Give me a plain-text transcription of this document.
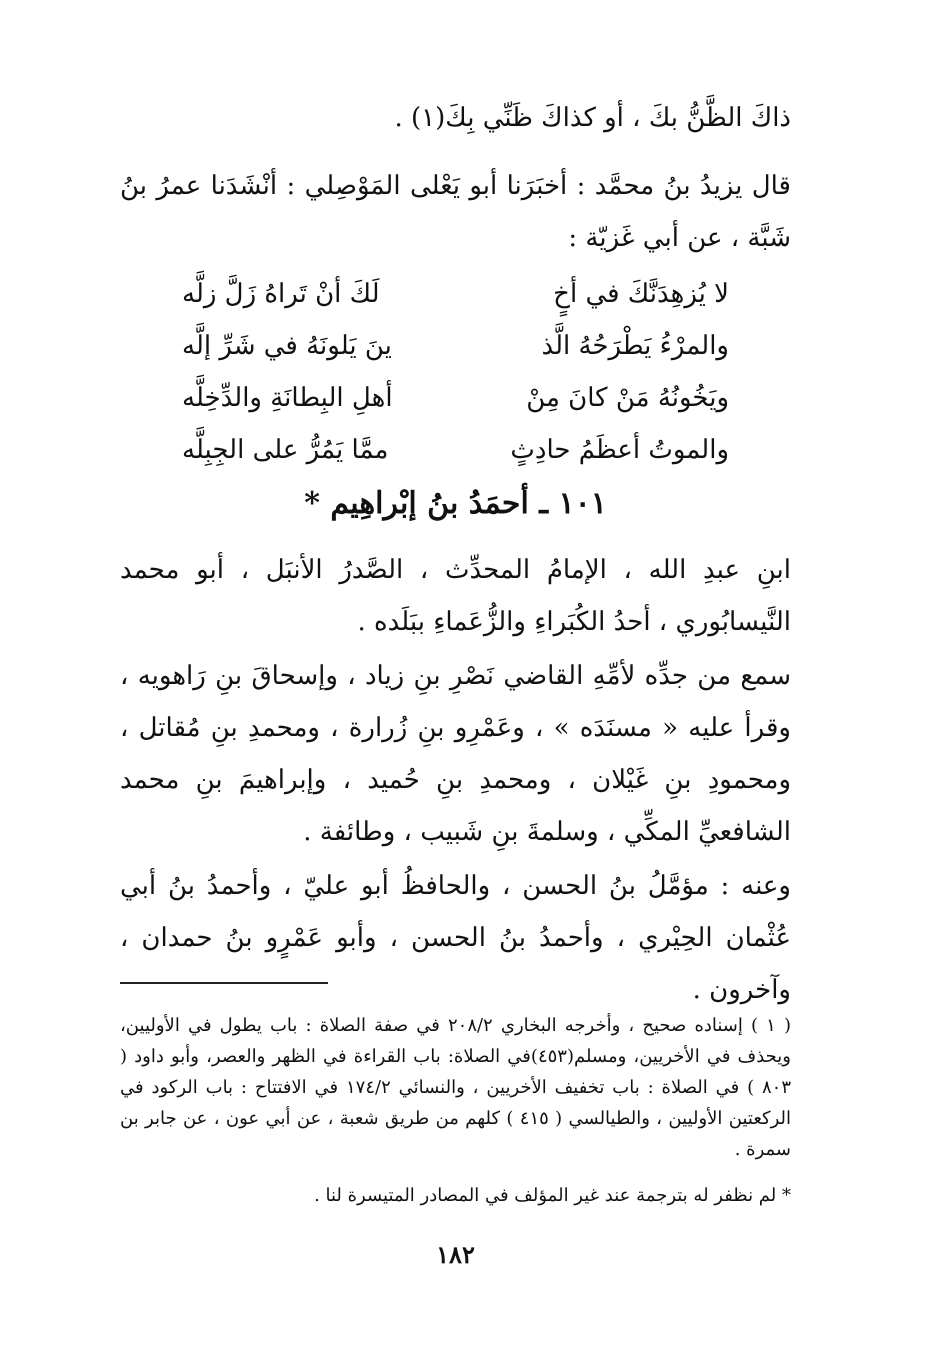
ذاكَ الظَّنُّ بكَ ، أو كذاكَ ظَنِّي بِكَ(١) .

قال يزيدُ بنُ محمَّد : أخبَرَنا أبو يَعْلى المَوْصِلي : أنْشَدَنا عمرُ بنُ شَبَّة ، عن أبي غَزيّة :

لا يُزهِدَنَّكَ في أخٍ
لَكَ أنْ تَراهُ زَلَّ زلَّه
والمرْءُ يَطْرَحُهُ الَّذ
ينَ يَلونَهُ في شَرِّ إلَّه
ويَخُونُهُ مَنْ كانَ مِنْ
أهلِ البِطانَةِ والدِّخِلَّه
والموتُ أعظَمُ حادِثٍ
ممَّا يَمُرُّ على الجِبِلَّه
١٠١ ـ أحمَدُ بنُ إبْراهِيم *

ابنِ عبدِ الله ، الإمامُ المحدِّث ، الصَّدرُ الأنبَل ، أبو محمد النَّيسابُوري ، أحدُ الكُبَراءِ والزُّعَماءِ ببَلَده .

سمع من جدِّه لأمِّهِ القاضي نَصْرِ بنِ زياد ، وإسحاقَ بنِ رَاهويه ، وقرأ عليه « مسنَدَه » ، وعَمْرِو بنِ زُرارة ، ومحمدِ بنِ مُقاتل ، ومحمودِ بنِ غَيْلان ، ومحمدِ بنِ حُميد ، وإبراهيمَ بنِ محمد الشافعيِّ المكِّي ، وسلمةَ بنِ شَبيب ، وطائفة .

وعنه : مؤمَّلُ بنُ الحسن ، والحافظُ أبو عليّ ، وأحمدُ بنُ أبي عُثْمان الحِيْري ، وأحمدُ بنُ الحسن ، وأبو عَمْرٍو بنُ حمدان ، وآخرون .

( ١ ) إسناده صحيح ، وأخرجه البخاري ٢٠٨/٢ في صفة الصلاة : باب يطول في الأوليين، ويحذف في الأخريين، ومسلم(٤٥٣)في الصلاة: باب القراءة في الظهر والعصر، وأبو داود ( ٨٠٣ ) في الصلاة : باب تخفيف الأخريين ، والنسائي ١٧٤/٢ في الافتتاح : باب الركود في الركعتين الأوليين ، والطيالسي ( ٤١٥ ) كلهم من طريق شعبة ، عن أبي عون ، عن جابر بن سمرة .

* لم نظفر له بترجمة عند غير المؤلف في المصادر المتيسرة لنا .

١٨٢
